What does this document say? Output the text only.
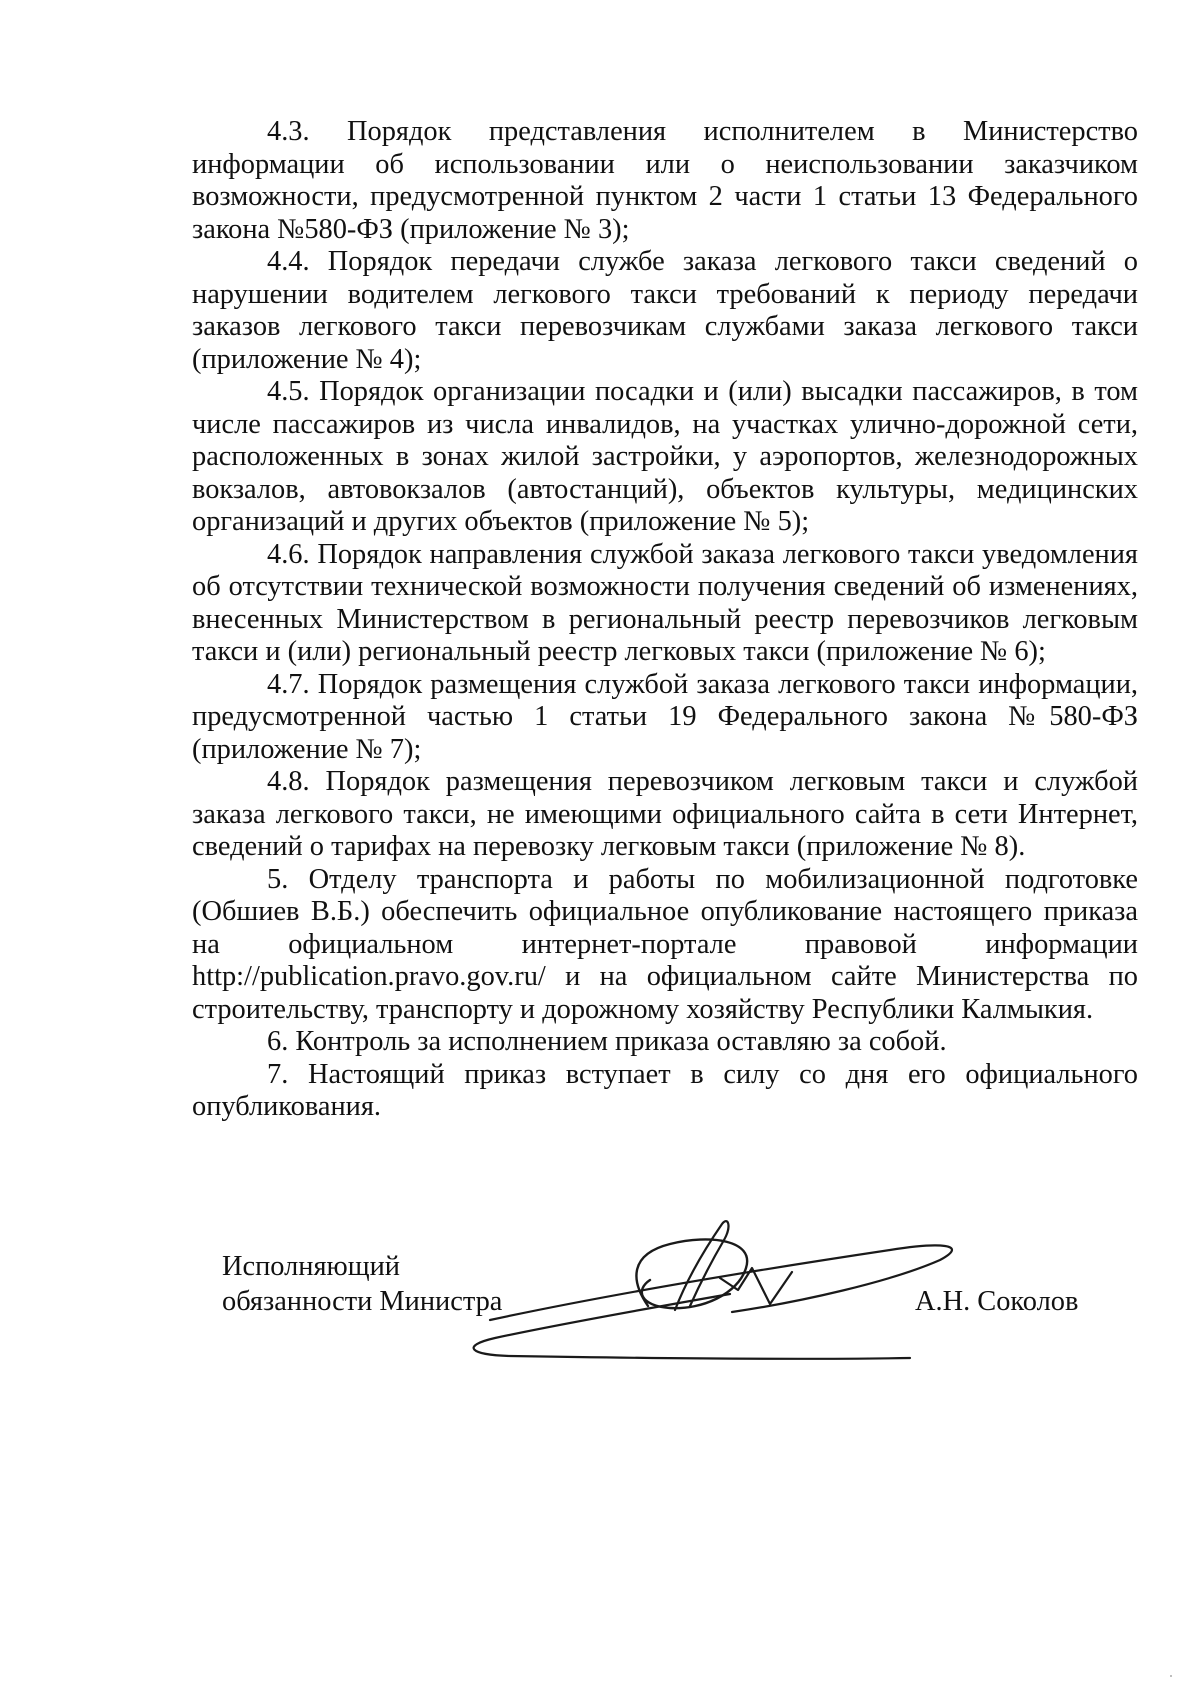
4.3. Порядок представления исполнителем в Министерство информации об использовании или о неиспользовании заказчиком возможности, предусмотренной пунктом 2 части 1 статьи 13 Федерального закона №580-ФЗ (приложение № 3);

4.4. Порядок передачи службе заказа легкового такси сведений о нарушении водителем легкового такси требований к периоду передачи заказов легкового такси перевозчикам службами заказа легкового такси (приложение № 4);

4.5. Порядок организации посадки и (или) высадки пассажиров, в том числе пассажиров из числа инвалидов, на участках улично-дорожной сети, расположенных в зонах жилой застройки, у аэропортов, железнодорожных вокзалов, автовокзалов (автостанций), объектов культуры, медицинских организаций и других объектов (приложение № 5);

4.6. Порядок направления службой заказа легкового такси уведомления об отсутствии технической возможности получения сведений об изменениях, внесенных Министерством в региональный реестр перевозчиков легковым такси и (или) региональный реестр легковых такси (приложение № 6);

4.7. Порядок размещения службой заказа легкового такси информации, предусмотренной частью 1 статьи 19 Федерального закона №580-ФЗ (приложение № 7);

4.8. Порядок размещения перевозчиком легковым такси и службой заказа легкового такси, не имеющими официального сайта в сети Интернет, сведений о тарифах на перевозку легковым такси (приложение № 8).

5. Отделу транспорта и работы по мобилизационной подготовке (Обшиев В.Б.) обеспечить официальное опубликование настоящего приказа на официальном интернет-портале правовой информации http://publication.pravo.gov.ru/ и на официальном сайте Министерства по строительству, транспорту и дорожному хозяйству Республики Калмыкия.

6. Контроль за исполнением приказа оставляю за собой.

7. Настоящий приказ вступает в силу со дня его официального опубликования.

Исполняющий
обязанности Министра	А.Н. Соколов
